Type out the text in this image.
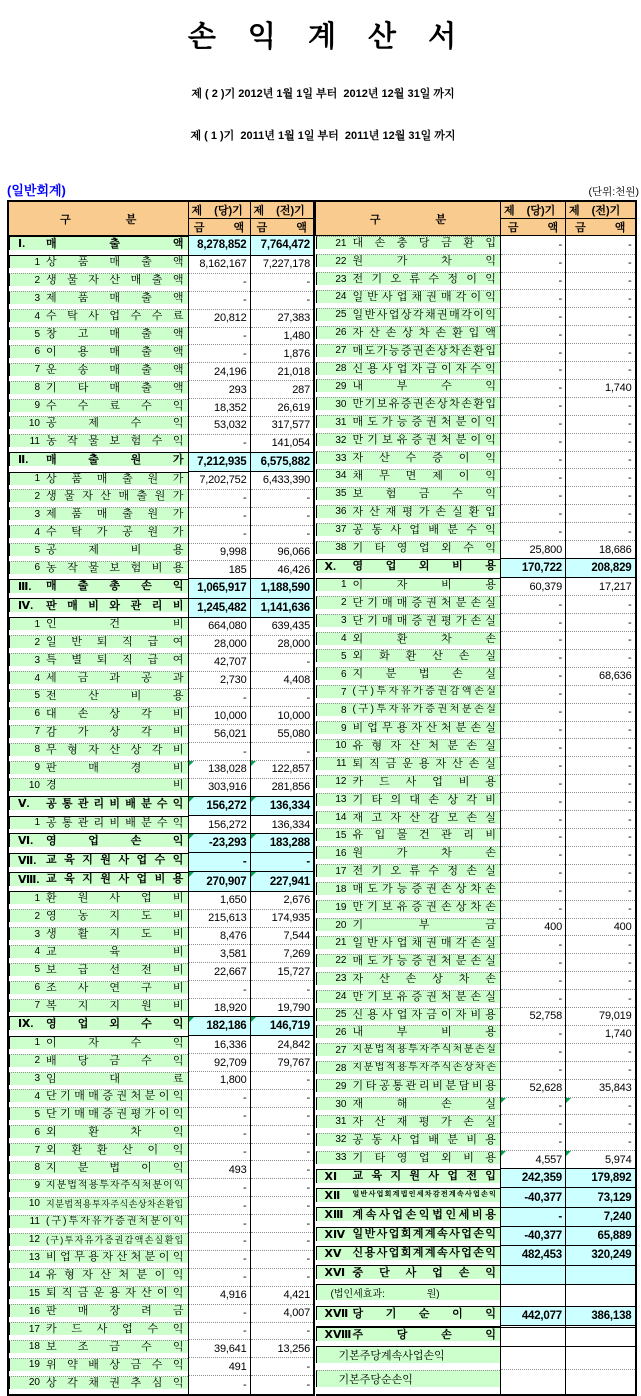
손 익 계 산 서

제 ( 2 )기 2012년 1월 1일 부터  2012년 12월 31일 까지

제 ( 1 )기  2011년 1월 1일 부터  2011년 12월 31일 까지

(일반회계)	(단위:천원)
구 분	제 (당)기	제 (전)기
	금 액	금 액

Ⅰ.	매	출	액 8,278,852	7,764,472

1 상 품 매 출 액 8,162,167	7,227,178

2 생 물 자 산 매 출 액	-	-

3 제 품 매 출 액	-	-

4 수 탁 사 업 수 수 료	20,812	27,383

5 창 고 매 출 액	-	1,480

6 이 용 매 출 액	-	1,876

7 운 송 매 출 액	24,196	21,018

8 기 타 매 출 액	293	287

9 수 수 료 수 익	18,352	26,619

10 공	제	수	익	53,032	317,577

11 농 작 물 보 험 수 익	-	141,054

Ⅱ.	매	출	원	가 7,212,935	6,575,882

1 상 품 매 출 원 가 7,202,752	6,433,390

2 생 물 자 산 매 출 원 가	-	-

3 제 품 매 출 원 가	-	-

4 수 탁 가 공 원 가	-	-

5 공	제	비	용	9,998	96,066

6 농 작 물 보 험 비 용	185	46,426

Ⅲ.	매 출 총 손 익 1,065,917	1,188,590

Ⅳ.	판 매 비 와 관 리 비 1,245,482	1,141,636

1 인	건	비 664,080	639,435

2 일 반 퇴 직 급 여	28,000	28,000

3 특 별 퇴 직 급 여	42,707	-

4 세 금 과 공 과	2,730	4,408

5 전	산	비	용	-	-

6 대 손 상 각 비	10,000	10,000

7 감 가 상 각 비	56,021	55,080

8 무 형 자 산 상 각 비	-	-

9 판	매	경	비 138,028	122,857

10 경	비 303,916	281,856

Ⅴ.	공 통 관 리 비 배 분 수 익 156,272	136,334

1 공 통 관 리 비 배 분 수 익 156,272	136,334

Ⅵ.	영	업	손	익 -23,293	183,288

Ⅶ. 교 육 지 원 사 업 수 익	-	-

Ⅷ. 교 육 지 원 사 업 비 용 270,907	227,941

1 환 원 사 업 비	1,650	2,676

2 영 농 지 도 비 215,613	174,935

3 생 활 지 도 비	8,476	7,544

4 교	육	비	3,581	7,269

5 보 급 선 전 비	22,667	15,727

6 조 사 연 구 비	-	-

7 복 지 지 원 비	18,920	19,790

Ⅸ.	영 업 외 수 익 182,186	146,719

1 이	자	수	익	16,336	24,842

2 배 당 금 수 익	92,709	79,767

3 임	대	료	1,800	-

4 단 기 매 매 증 권 처 분 이 익	-	-

5 단 기 매 매 증 권 평 가 이 익	-	-

6 외	환	차	익	-	-

7 외 환 환 산 이 익	-	-

8 지 분 법 이 익	493	-

9 지 분 법 적 용 투 자 주 식 처 분 이 익	-	-

10 지 분 법 적 용 투 자 주 식 손 상 차 손 환 입	-	-

11 ( 구 ) 투 자 유 가 증 권 처 분 이 익	-	-

12 ( 구 ) 투 자 유 가 증 권 감 액 손 실 환 입	-	-

13 비 업 무 용 자 산 처 분 이 익	-	-

14 유 형 자 산 처 분 이 익	-	-

15 퇴 직 금 운 용 자 산 이 익	4,916	4,421

16 판 매 장 려 금	-	4,007

17 카 드 사 업 수 익	-	-

18 보 조 금 수 익	39,641	13,256

19 위 약 배 상 금 수 익	491	-

20 상 각 채 권 추 심 익	-	-
구 분	제 (당)기	제 (전)기
	금 액	금 액

21 대 손 충 당 금 환 입	-	-

22 원	가	차	익	-	-

23 전 기 오 류 수 정 이 익	-	-

24 일 반 사 업 채 권 매 각 이 익	-	-

25 일 반 사 업 상 각 채 권 매 각 이 익	-	-

26 자 산 손 상 차 손 환 입 액	-	-

27 매 도 가 능 증 권 손 상 차 손 환 입	-	-

28 신 용 사 업 자 금 이 자 수 익	-	-

29 내	부	수	익	-	1,740

30 만 기 보 유 증 권 손 상 차 손 환 입	-	-

31 매 도 가 능 증 권 처 분 이 익	-	-

32 만 기 보 유 증 권 처 분 이 익	-	-

33 자 산 수 증 이 익	-	-

34 채 무 면 제 이 익	-	-

35 보 험 금 수 익	-	-

36 자 산 재 평 가 손 실 환 입	-	-

37 공 동 사 업 배 분 수 익	-	-

38 기 타 영 업 외 수 익	25,800	18,686

Ⅹ.	영 업 외 비 용 170,722	208,829

1 이	자	비	용	60,379	17,217

2 단 기 매 매 증 권 처 분 손 실	-	-

3 단 기 매 매 증 권 평 가 손 실	-	-

4 외	환	차	손	-	-

5 외 화 환 산 손 실	-	-

6 지 분 법 손 실	-	68,636

7 ( 구 ) 투 자 유 가 증 권 감 액 손 실	-	-

8 ( 구 ) 투 자 유 가 증 권 처 분 손 실	-	-

9 비 업 무 용 자 산 처 분 손 실	-	-

10 유 형 자 산 처 분 손 실	-	-

11 퇴 직 금 운 용 자 산 손 실	-	-

12 카 드 사 업 비 용	-	-

13 기 타 의 대 손 상 각 비	-	-

14 재 고 자 산 감 모 손 실	-	-

15 유 입 물 건 관 리 비	-	-

16 원	가	차	손	-	-

17 전 기 오 류 수 정 손 실	-	-

18 매 도 가 능 증 권 손 상 차 손	-	-

19 만 기 보 유 증 권 손 상 차 손	-	-

20 기	부	금	400	400

21 일 반 사 업 채 권 매 각 손 실	-	-

22 매 도 가 능 증 권 처 분 손 실	-	-

23 자 산 손 상 차 손	-	-

24 만 기 보 유 증 권 처 분 손 실	-	-

25 신 용 사 업 자 금 이 자 비 용	52,758	79,019

26 내	부	비	용	-	1,740

27 지 분 법 적 용 투 자 주 식 처 분 손 실	-	-

28 지 분 법 적 용 투 자 주 식 손 상 차 손	-	-

29 기 타 공 통 관 리 비 분 담 비 용	52,628	35,843

30 재	해	손	실	-	-

31 자 산 재 평 가 손 실	-	-

32 공 동 사 업 배 분 비 용	-	-

33 기 타 영 업 외 비 용	4,557	5,974

ⅩⅠ	교 육 지 원 사 업 전 입 242,359	179,892

ⅩⅡ	일 반 사 업 회 계 법 인 세 차 감 전 계 속 사 업 손 익 -40,377	73,129

ⅩⅢ 계 속 사 업 손 익 법 인 세 비 용	-	7,240

ⅩⅣ 일 반 사 업 회 계 계 속 사 업 손 익 -40,377	65,889

ⅩⅤ	신 용 사 업 회 계 계 속 사 업 손 익 482,453	320,249

ⅩⅥ 중 단 사 업 손 익

(법인세효과:               원)

ⅩⅦ 당 기 순 이 익 442,077	386,138

ⅩⅧ 주	당	손	익

기본주당계속사업손익

기본주당순손익
